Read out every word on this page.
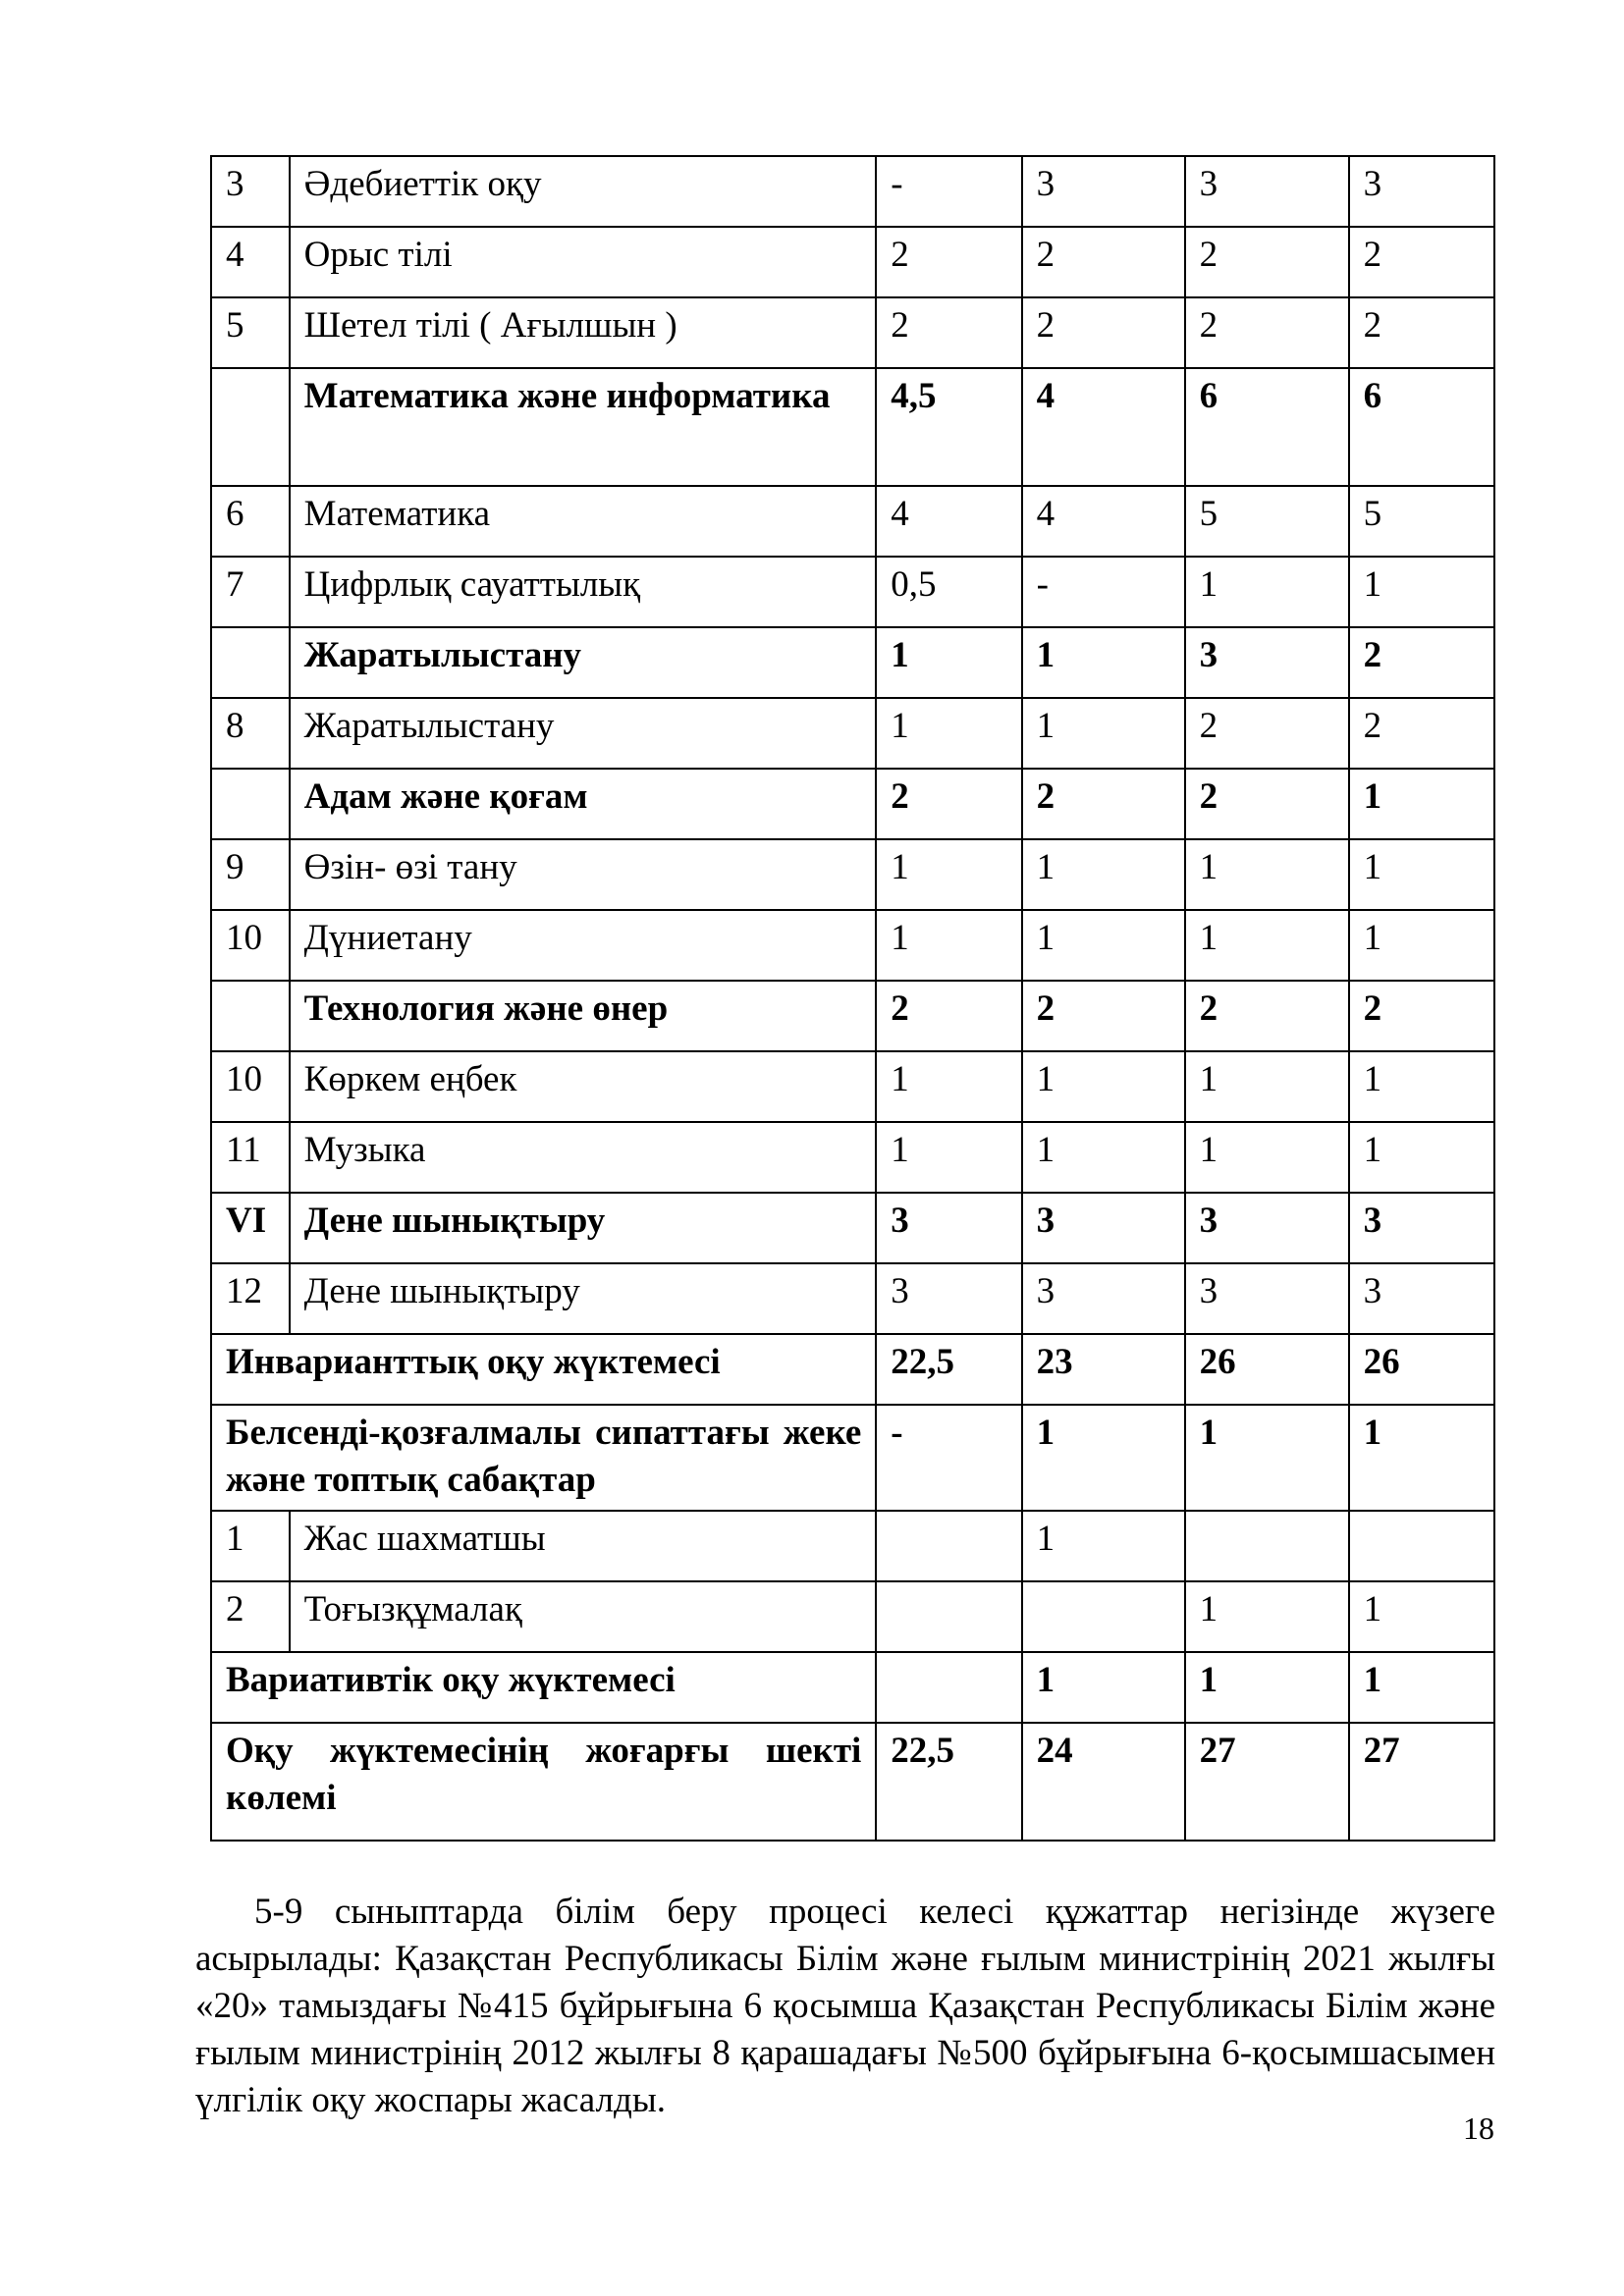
3	Әдебиеттік оқу	-	3	3	3
4	Орыс тілі	2	2	2	2
5	Шетел тілі ( Ағылшын )	2	2	2	2
	Математика және информатика	4,5	4	6	6
6	Математика	4	4	5	5
7	Цифрлық сауаттылық	0,5	-	1	1
	Жаратылыстану	1	1	3	2
8	Жаратылыстану	1	1	2	2
	Адам және қоғам	2	2	2	1
9	Өзін- өзі тану	1	1	1	1
10	Дүниетану	1	1	1	1
	Технология және өнер	2	2	2	2
10	Көркем еңбек	1	1	1	1
11	Музыка	1	1	1	1
VI	Дене шынықтыру	3	3	3	3
12	Дене шынықтыру	3	3	3	3
Инварианттық оқу жүктемесі		22,5	23	26	26
Белсенді-қозғалмалы сипаттағы жеке және топтық сабақтар		-	1	1	1
1	Жас шахматшы		1		
2	Тоғызқұмалақ			1	1
Вариативтік оқу жүктемесі			1	1	1
Оқу жүктемесінің жоғарғы шекті көлемі		22,5	24	27	27

5-9 сыныптарда білім беру процесі келесі құжаттар негізінде жүзеге асырылады: Қазақстан Республикасы Білім және ғылым министрінің 2021 жылғы «20» тамыздағы №415 бұйрығына 6 қосымша Қазақстан Республикасы Білім және ғылым министрінің 2012 жылғы 8 қарашадағы №500 бұйрығына 6-қосымшасымен үлгілік оқу жоспары жасалды.

18
